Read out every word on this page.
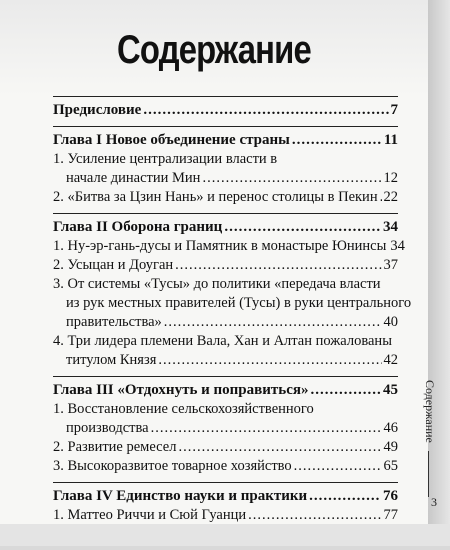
Содержание
Предисловие .....	7
Глава I Новое объединение страны .....	11
1. Усиление централизации власти в
начале династии Мин .....	12
2. «Битва за Цзин Нань» и перенос столицы в Пекин ..... 22
Глава II Оборона границ .....	34
1. Ну-эр-гань-дусы и Памятник в монастыре Юнинсы 34
2. Усыцан и Доуган .....	37
3. От системы «Тусы» до политики «передача власти
из рук местных правителей (Тусы) в руки центрального
правительства» .....	40
4. Три лидера племени Вала, Хан и Алтан пожалованы
титулом Князя .....	42
Глава III «Отдохнуть и поправиться» .....	45
1. Восстановление сельскохозяйственного
производства .....	46
2. Развитие ремесел .....	49
3. Высокоразвитое товарное хозяйство .....	65
Глава IV Единство науки и практики .....	76
1. Маттео Риччи и Сюй Гуанци .....	77
.....
Содержание
3
